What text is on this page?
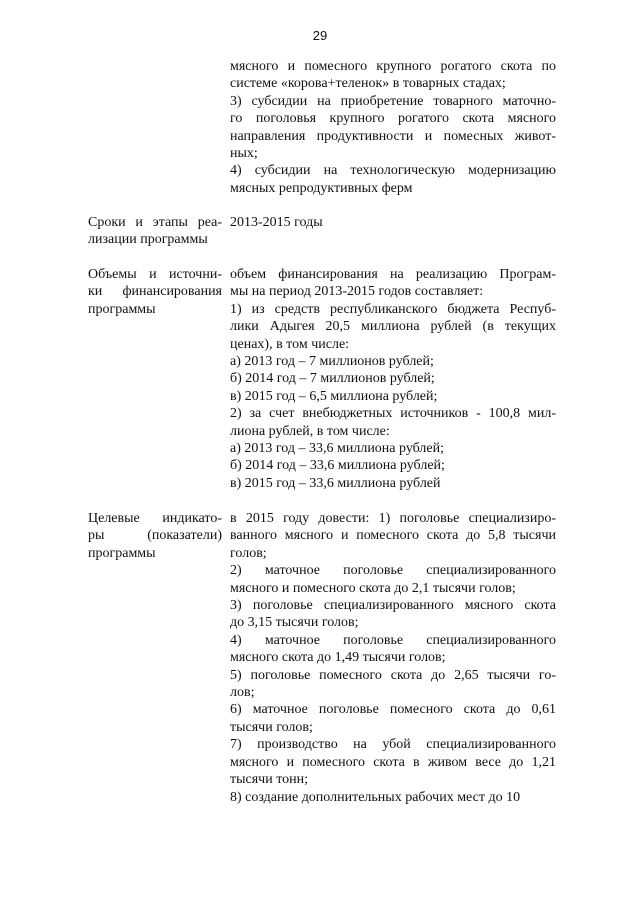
29
мясного и помесного крупного рогатого скота по
системе «корова+теленок» в товарных стадах;
3) субсидии на приобретение товарного маточно-
го поголовья крупного рогатого скота мясного
направления продуктивности и помесных живот-
ных;
4) субсидии на технологическую модернизацию
мясных репродуктивных ферм
Сроки и этапы реа-
лизации программы
2013-2015 годы
Объемы и источни-
ки финансирования
программы
объем финансирования на реализацию Програм-
мы на период 2013-2015 годов составляет:
1) из средств республиканского бюджета Респуб-
лики Адыгея 20,5 миллиона рублей (в текущих
ценах), в том числе:
а) 2013 год – 7 миллионов рублей;
б) 2014 год – 7 миллионов рублей;
в) 2015 год – 6,5 миллиона рублей;
2) за счет внебюджетных источников - 100,8 мил-
лиона рублей, в том числе:
а) 2013 год – 33,6 миллиона рублей;
б) 2014 год – 33,6 миллиона рублей;
в) 2015 год – 33,6 миллиона рублей
Целевые индикато-
ры (показатели)
программы
в 2015 году довести: 1) поголовье специализиро-
ванного мясного и помесного скота до 5,8 тысячи
голов;
2) маточное поголовье специализированного
мясного и помесного скота до 2,1 тысячи голов;
3) поголовье специализированного мясного скота
до 3,15 тысячи голов;
4) маточное поголовье специализированного
мясного скота до 1,49 тысячи голов;
5) поголовье помесного скота до 2,65 тысячи го-
лов;
6) маточное поголовье помесного скота до 0,61
тысячи голов;
7) производство на убой специализированного
мясного и помесного скота в живом весе до 1,21
тысячи тонн;
8) создание дополнительных рабочих мест до 10
